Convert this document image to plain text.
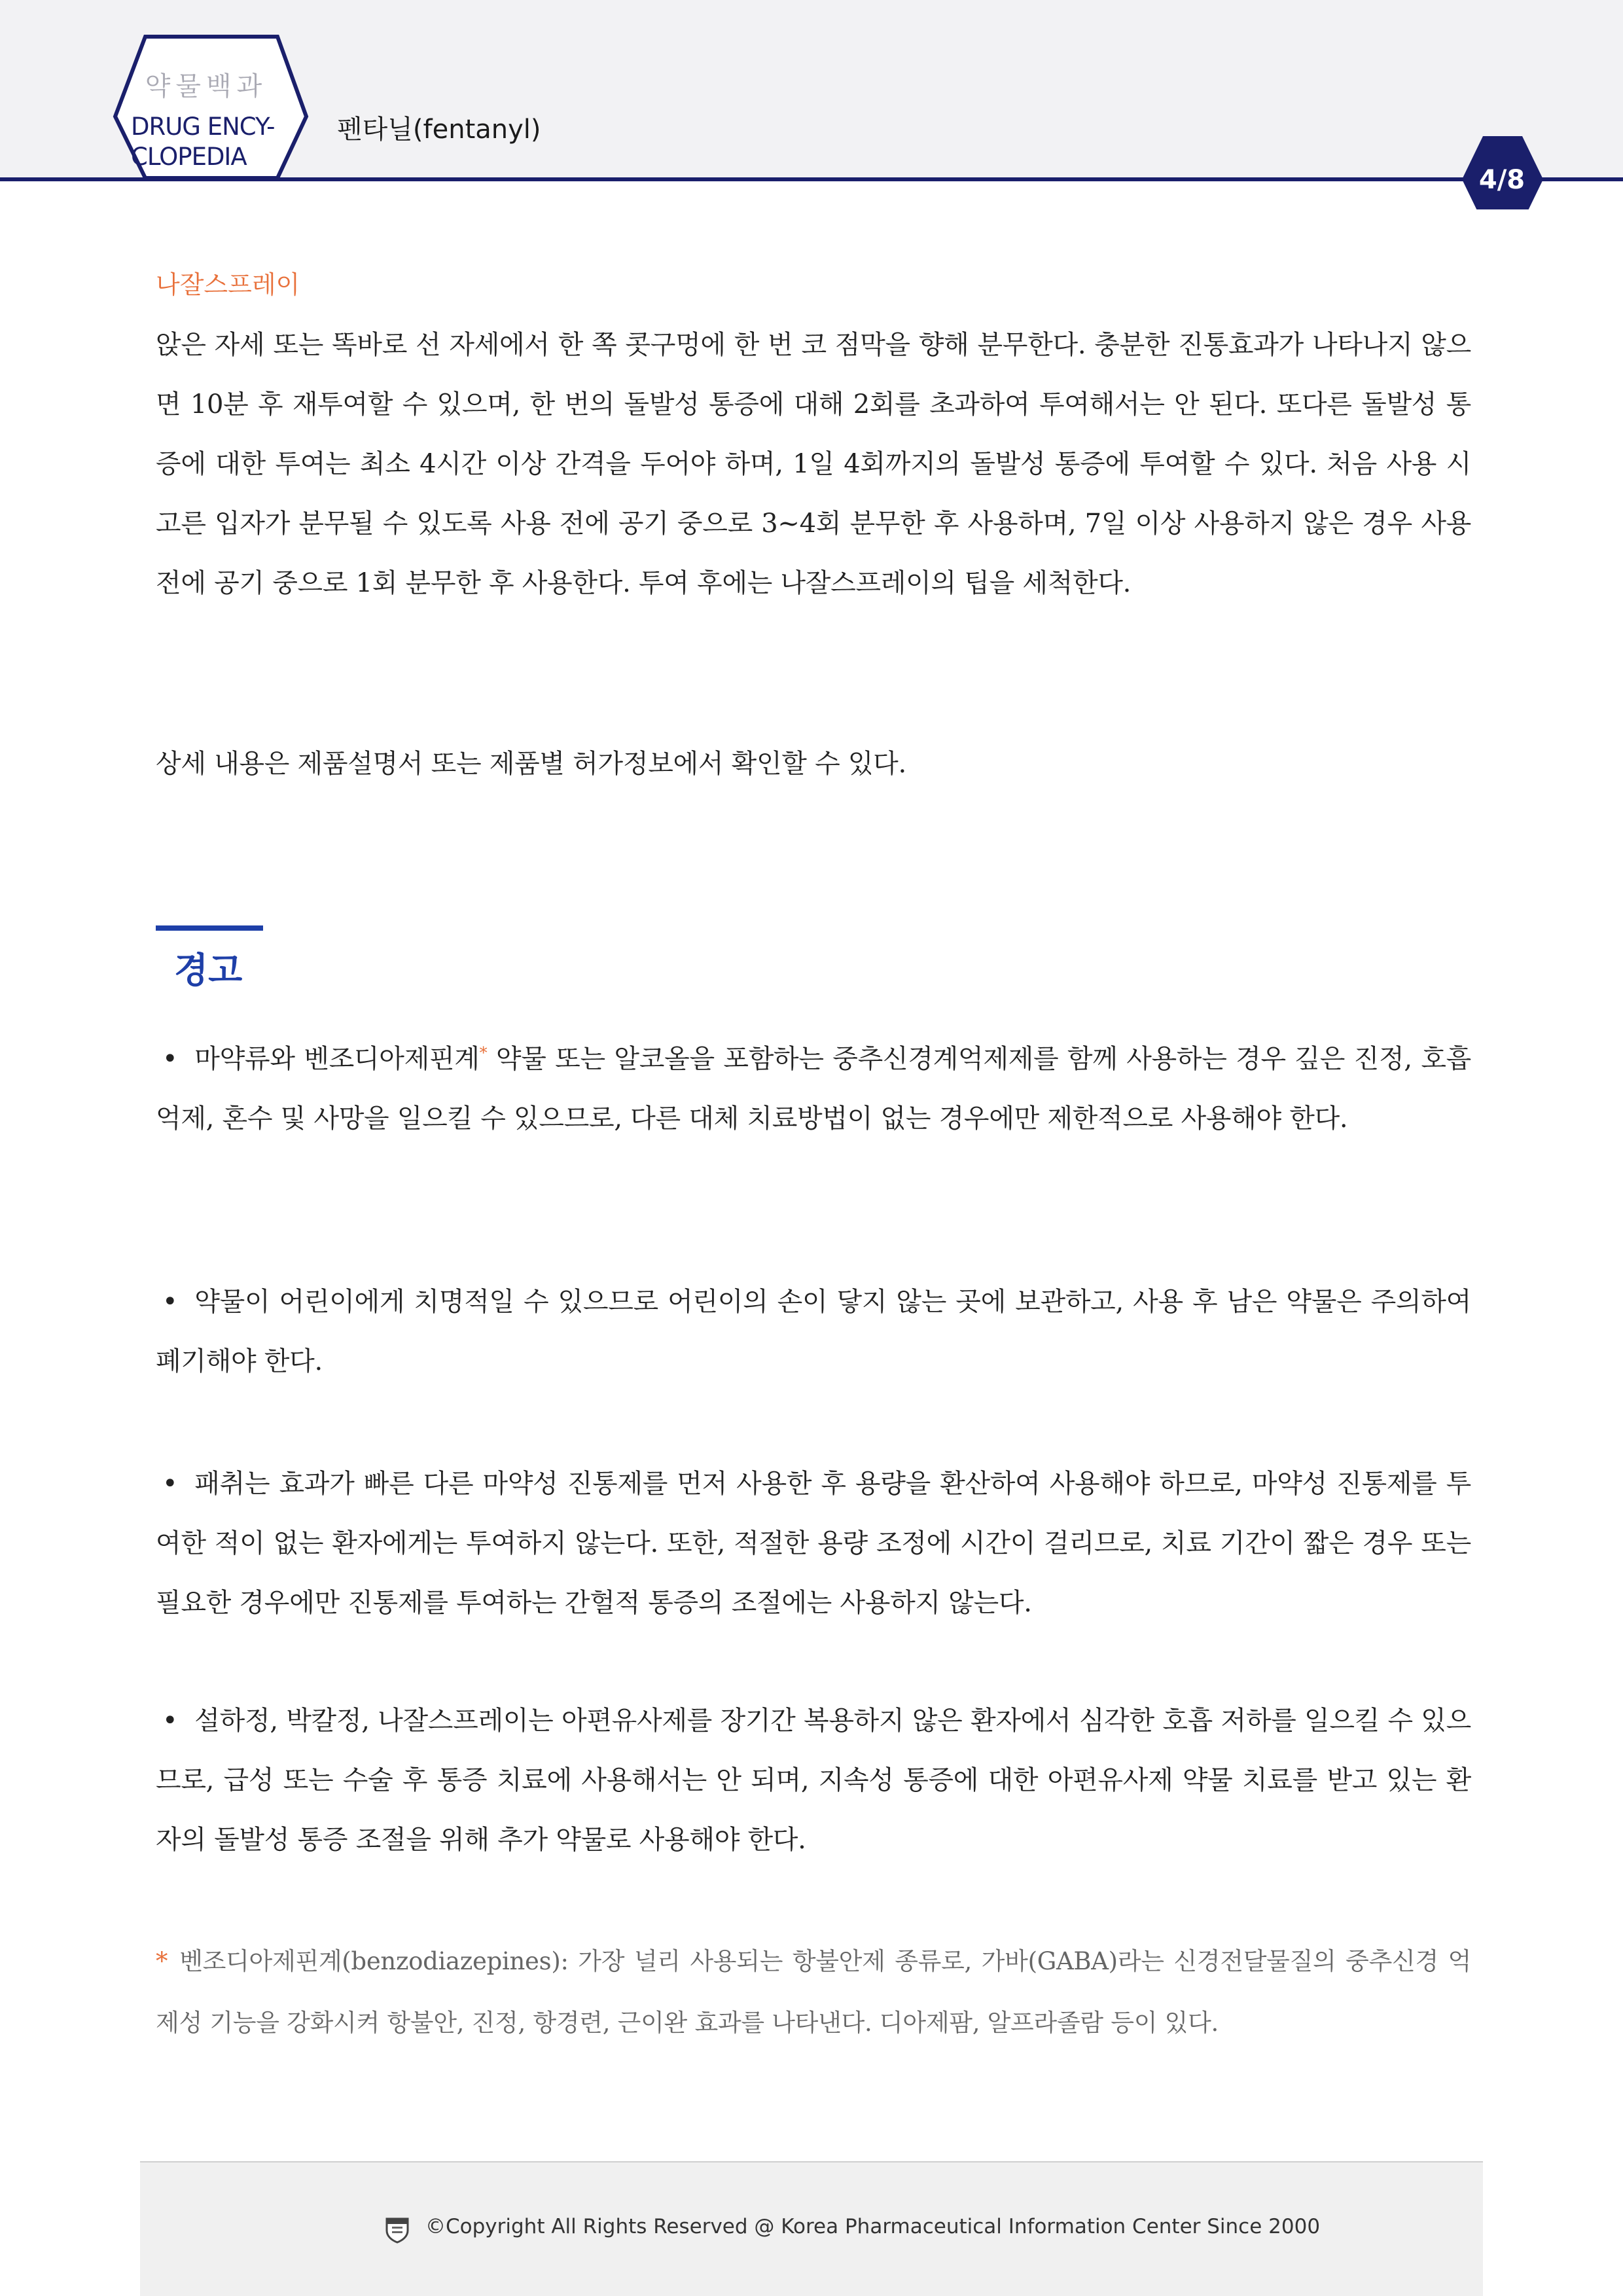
약물백과
DRUG ENCY-
CLOPEDIA
펜타닐(fentanyl)
4/8
나잘스프레이

앉은 자세 또는 똑바로 선 자세에서 한 쪽 콧구멍에 한 번 코 점막을 향해 분무한다. 충분한 진통효과가 나타나지 않으면 10분 후 재투여할 수 있으며, 한 번의 돌발성 통증에 대해 2회를 초과하여 투여해서는 안 된다. 또다른 돌발성 통증에 대한 투여는 최소 4시간 이상 간격을 두어야 하며, 1일 4회까지의 돌발성 통증에 투여할 수 있다. 처음 사용 시 고른 입자가 분무될 수 있도록 사용 전에 공기 중으로 3~4회 분무한 후 사용하며, 7일 이상 사용하지 않은 경우 사용 전에 공기 중으로 1회 분무한 후 사용한다. 투여 후에는 나잘스프레이의 팁을 세척한다.

상세 내용은 제품설명서 또는 제품별 허가정보에서 확인할 수 있다.

경고

• 마약류와 벤조디아제핀계* 약물 또는 알코올을 포함하는 중추신경계억제제를 함께 사용하는 경우 깊은 진정, 호흡억제, 혼수 및 사망을 일으킬 수 있으므로, 다른 대체 치료방법이 없는 경우에만 제한적으로 사용해야 한다.

• 약물이 어린이에게 치명적일 수 있으므로 어린이의 손이 닿지 않는 곳에 보관하고, 사용 후 남은 약물은 주의하여 폐기해야 한다.

• 패취는 효과가 빠른 다른 마약성 진통제를 먼저 사용한 후 용량을 환산하여 사용해야 하므로, 마약성 진통제를 투여한 적이 없는 환자에게는 투여하지 않는다. 또한, 적절한 용량 조정에 시간이 걸리므로, 치료 기간이 짧은 경우 또는 필요한 경우에만 진통제를 투여하는 간헐적 통증의 조절에는 사용하지 않는다.

• 설하정, 박칼정, 나잘스프레이는 아편유사제를 장기간 복용하지 않은 환자에서 심각한 호흡 저하를 일으킬 수 있으므로, 급성 또는 수술 후 통증 치료에 사용해서는 안 되며, 지속성 통증에 대한 아편유사제 약물 치료를 받고 있는 환자의 돌발성 통증 조절을 위해 추가 약물로 사용해야 한다.

* 벤조디아제핀계(benzodiazepines): 가장 널리 사용되는 항불안제 종류로, 가바(GABA)라는 신경전달물질의 중추신경 억제성 기능을 강화시켜 항불안, 진정, 항경련, 근이완 효과를 나타낸다. 디아제팜, 알프라졸람 등이 있다.
©Copyright All Rights Reserved @ Korea Pharmaceutical Information Center Since 2000
